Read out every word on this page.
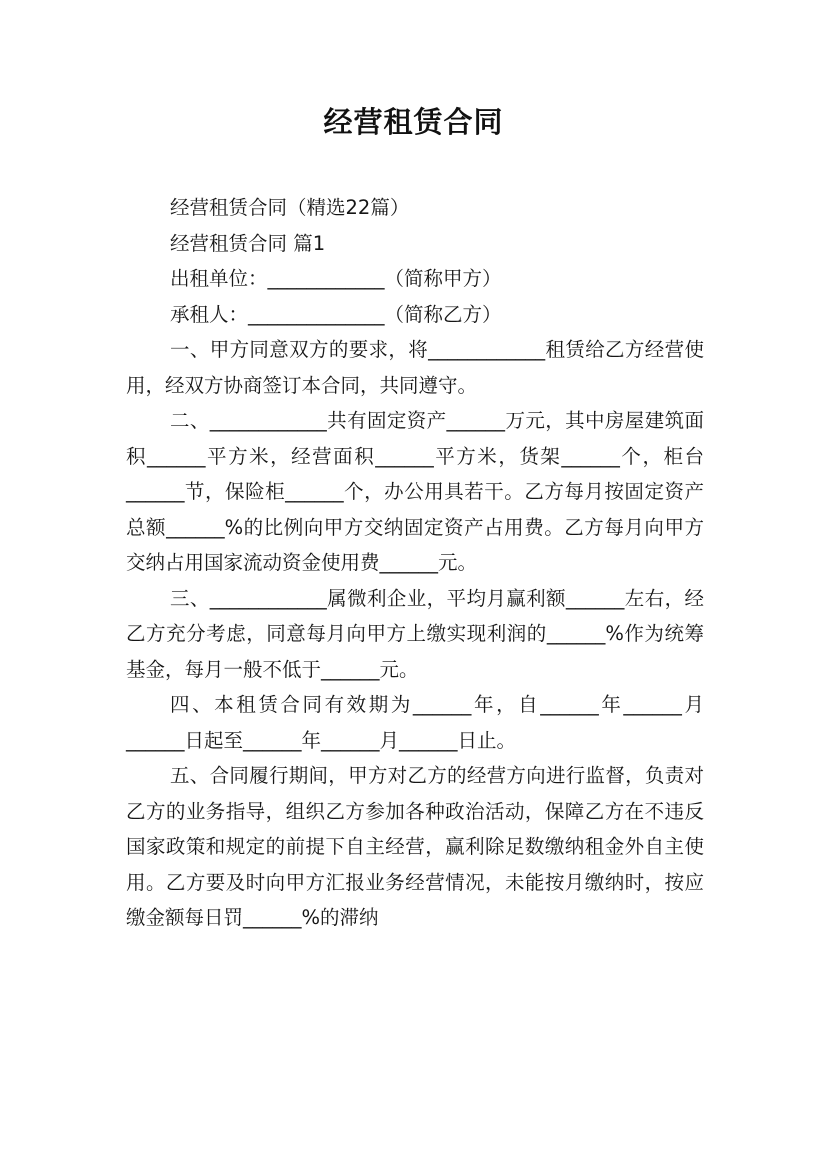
经营租赁合同

经营租赁合同（精选22篇）

经营租赁合同 篇1

出租单位：____________（简称甲方）

承租人：______________（简称乙方）

一、甲方同意双方的要求，将____________租赁给乙方经营使用，经双方协商签订本合同，共同遵守。

二、____________共有固定资产______万元，其中房屋建筑面积______平方米，经营面积______平方米，货架______个，柜台______节，保险柜______个，办公用具若干。乙方每月按固定资产总额______%的比例向甲方交纳固定资产占用费。乙方每月向甲方交纳占用国家流动资金使用费______元。

三、____________属微利企业，平均月赢利额______左右，经乙方充分考虑，同意每月向甲方上缴实现利润的______%作为统筹基金，每月一般不低于______元。

四、本租赁合同有效期为______年，自______年______月______日起至______年______月______日止。

五、合同履行期间，甲方对乙方的经营方向进行监督，负责对乙方的业务指导，组织乙方参加各种政治活动，保障乙方在不违反国家政策和规定的前提下自主经营，赢利除足数缴纳租金外自主使用。乙方要及时向甲方汇报业务经营情况，未能按月缴纳时，按应缴金额每日罚______%的滞纳
